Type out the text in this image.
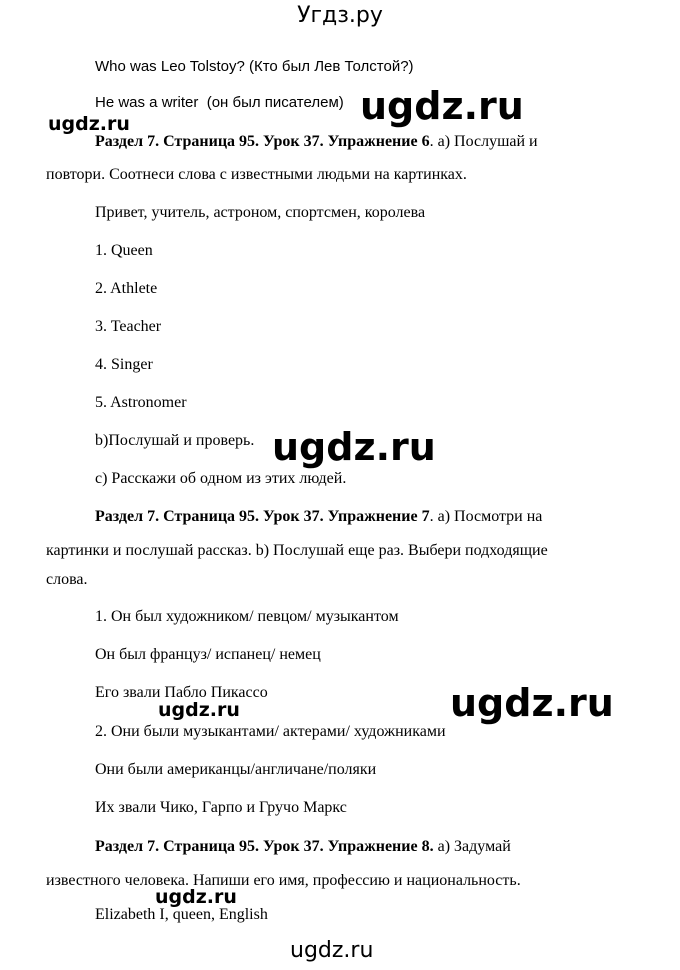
Угдз.ру
Who was Leo Tolstoy? (Кто был Лев Толстой?)
He was a writer (он был писателем)
Раздел 7. Страница 95. Урок 37. Упражнение 6. а) Послушай и
повтори. Соотнеси слова с известными людьми на картинках.
Привет, учитель, астроном, спортсмен, королева
1. Queen
2. Athlete
3. Teacher
4. Singer
5. Astronomer
b)Послушай и проверь.
с) Расскажи об одном из этих людей.
Раздел 7. Страница 95. Урок 37. Упражнение 7. а) Посмотри на
картинки и послушай рассказ. b) Послушай еще раз. Выбери подходящие
слова.
1. Он был художником/ певцом/ музыкантом
Он был француз/ испанец/ немец
Его звали Пабло Пикассо
2. Они были музыкантами/ актерами/ художниками
Они были американцы/англичане/поляки
Их звали Чико, Гарпо и Гручо Маркс
Раздел 7. Страница 95. Урок 37. Упражнение 8. а) Задумай
известного человека. Напиши его имя, профессию и национальность.
Elizabeth I, queen, English
ugdz.ru
ugdz.ru
ugdz.ru
ugdz.ru
ugdz.ru
ugdz.ru
ugdz.ru
